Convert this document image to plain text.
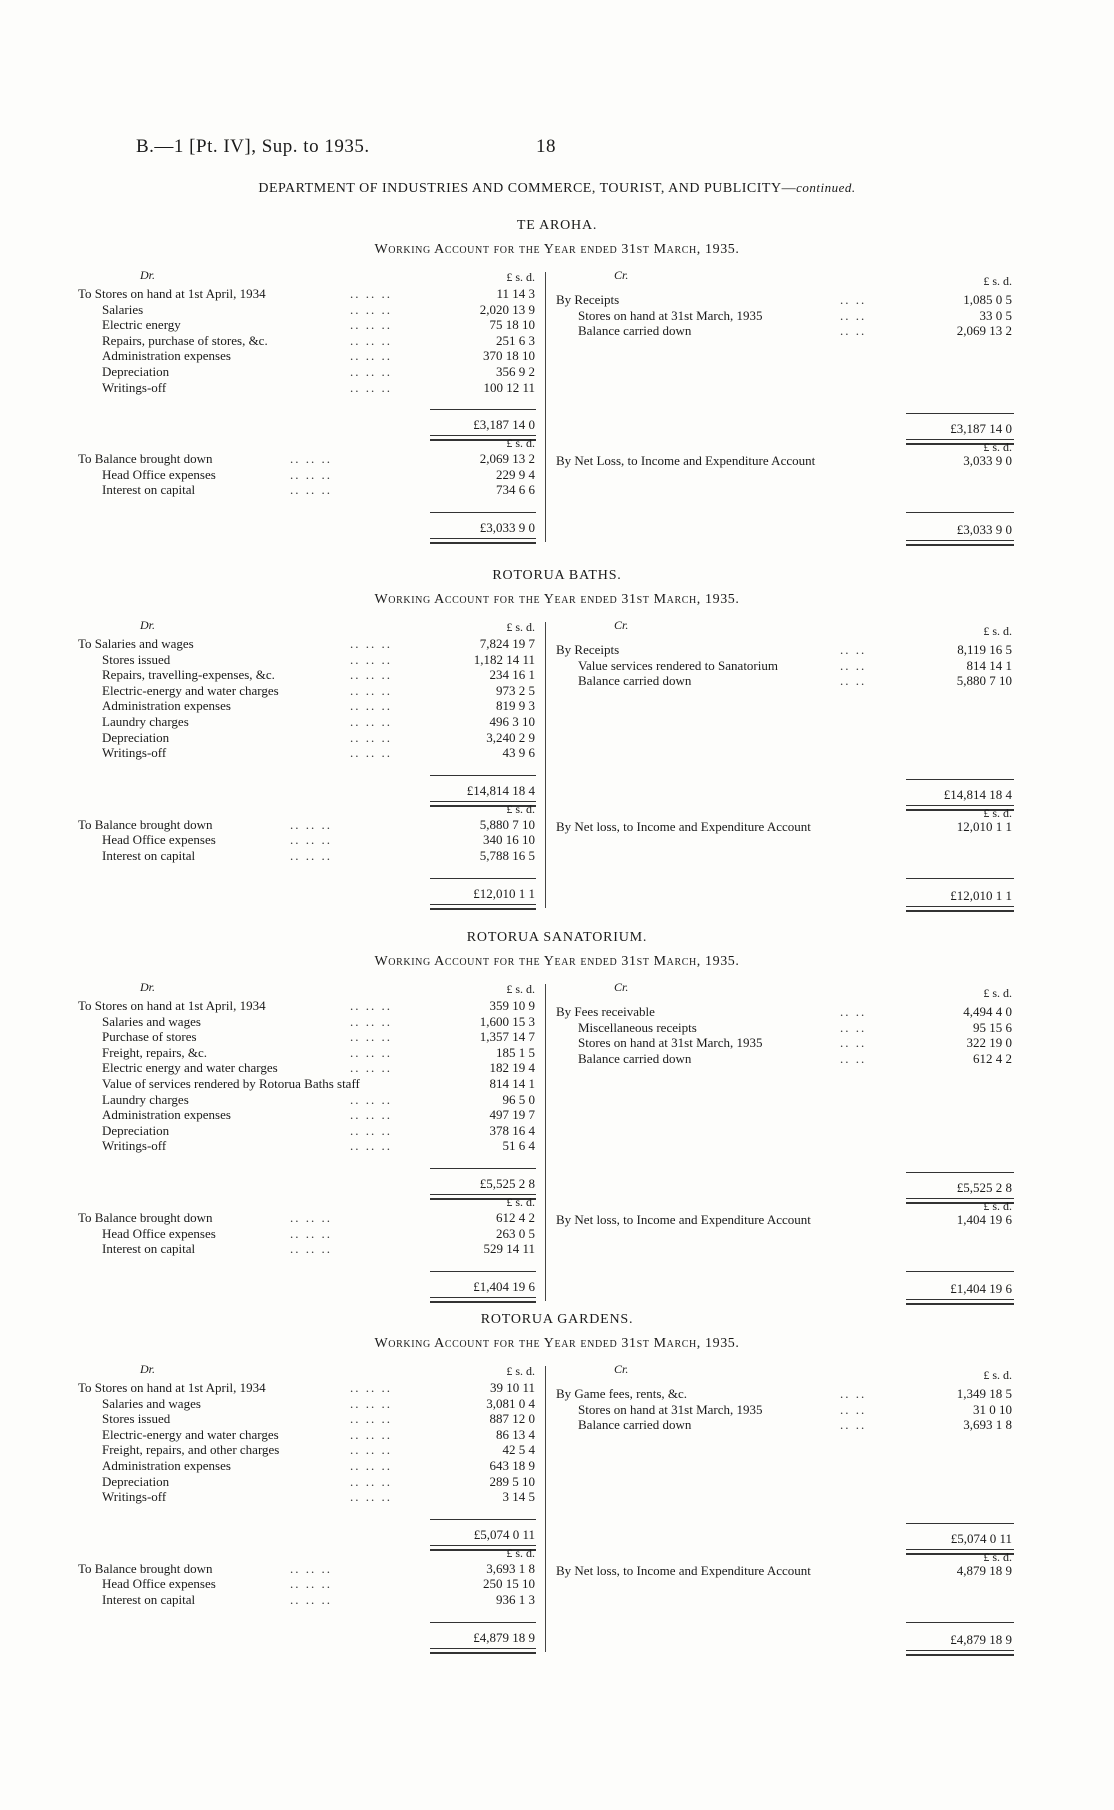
B.—1 [Pt. IV], Sup. to 1935.	18
DEPARTMENT OF INDUSTRIES AND COMMERCE, TOURIST, AND PUBLICITY—continued.
TE AROHA.
Working Account for the Year ended 31st March, 1935.
Dr.	Cr.
£ s. d.	£ s. d.
To Stores on hand at 1st April, 1934	.. .. ..	11 14 3
Salaries	.. .. ..	2,020 13 9
Electric energy	.. .. ..	75 18 10
Repairs, purchase of stores, &c.	.. .. ..	251 6 3
Administration expenses	.. .. ..	370 18 10
Depreciation	.. .. ..	356 9 2
Writings-off	.. .. ..	100 12 11
By Receipts	.. ..	1,085 0 5
Stores on hand at 31st March, 1935	.. ..	33 0 5
Balance carried down	.. ..	2,069 13 2
£3,187 14 0	£3,187 14 0
£ s. d.	£ s. d.
To Balance brought down	.. .. ..	2,069 13 2
Head Office expenses	.. .. ..	229 9 4
Interest on capital	.. .. ..	734 6 6
By Net Loss, to Income and Expenditure Account	3,033 9 0
£3,033 9 0	£3,033 9 0
ROTORUA BATHS.
Working Account for the Year ended 31st March, 1935.
Dr.	Cr.
£ s. d.	£ s. d.
To Salaries and wages	.. .. ..	7,824 19 7
Stores issued	.. .. ..	1,182 14 11
Repairs, travelling-expenses, &c.	.. .. ..	234 16 1
Electric-energy and water charges	.. .. ..	973 2 5
Administration expenses	.. .. ..	819 9 3
Laundry charges	.. .. ..	496 3 10
Depreciation	.. .. ..	3,240 2 9
Writings-off	.. .. ..	43 9 6
By Receipts	.. ..	8,119 16 5
Value services rendered to Sanatorium	.. ..	814 14 1
Balance carried down	.. ..	5,880 7 10
£14,814 18 4	£14,814 18 4
£ s. d.	£ s. d.
To Balance brought down	.. .. ..	5,880 7 10
Head Office expenses	.. .. ..	340 16 10
Interest on capital	.. .. ..	5,788 16 5
By Net loss, to Income and Expenditure Account	12,010 1 1
£12,010 1 1	£12,010 1 1
ROTORUA SANATORIUM.
Working Account for the Year ended 31st March, 1935.
Dr.	Cr.
£ s. d.	£ s. d.
To Stores on hand at 1st April, 1934	.. .. ..	359 10 9
Salaries and wages	.. .. ..	1,600 15 3
Purchase of stores	.. .. ..	1,357 14 7
Freight, repairs, &c.	.. .. ..	185 1 5
Electric energy and water charges	.. .. ..	182 19 4
Value of services rendered by Rotorua Baths staff	814 14 1
Laundry charges	.. .. ..	96 5 0
Administration expenses	.. .. ..	497 19 7
Depreciation	.. .. ..	378 16 4
Writings-off	.. .. ..	51 6 4
By Fees receivable	.. ..	4,494 4 0
Miscellaneous receipts	.. ..	95 15 6
Stores on hand at 31st March, 1935	.. ..	322 19 0
Balance carried down	.. ..	612 4 2
£5,525 2 8	£5,525 2 8
£ s. d.	£ s. d.
To Balance brought down	.. .. ..	612 4 2
Head Office expenses	.. .. ..	263 0 5
Interest on capital	.. .. ..	529 14 11
By Net loss, to Income and Expenditure Account	1,404 19 6
£1,404 19 6	£1,404 19 6
ROTORUA GARDENS.
Working Account for the Year ended 31st March, 1935.
Dr.	Cr.
£ s. d.	£ s. d.
To Stores on hand at 1st April, 1934	.. .. ..	39 10 11
Salaries and wages	.. .. ..	3,081 0 4
Stores issued	.. .. ..	887 12 0
Electric-energy and water charges	.. .. ..	86 13 4
Freight, repairs, and other charges	.. .. ..	42 5 4
Administration expenses	.. .. ..	643 18 9
Depreciation	.. .. ..	289 5 10
Writings-off	.. .. ..	3 14 5
By Game fees, rents, &c.	.. ..	1,349 18 5
Stores on hand at 31st March, 1935	.. ..	31 0 10
Balance carried down	.. ..	3,693 1 8
£5,074 0 11	£5,074 0 11
£ s. d.	£ s. d.
To Balance brought down	.. .. ..	3,693 1 8
Head Office expenses	.. .. ..	250 15 10
Interest on capital	.. .. ..	936 1 3
By Net loss, to Income and Expenditure Account	4,879 18 9
£4,879 18 9	£4,879 18 9
